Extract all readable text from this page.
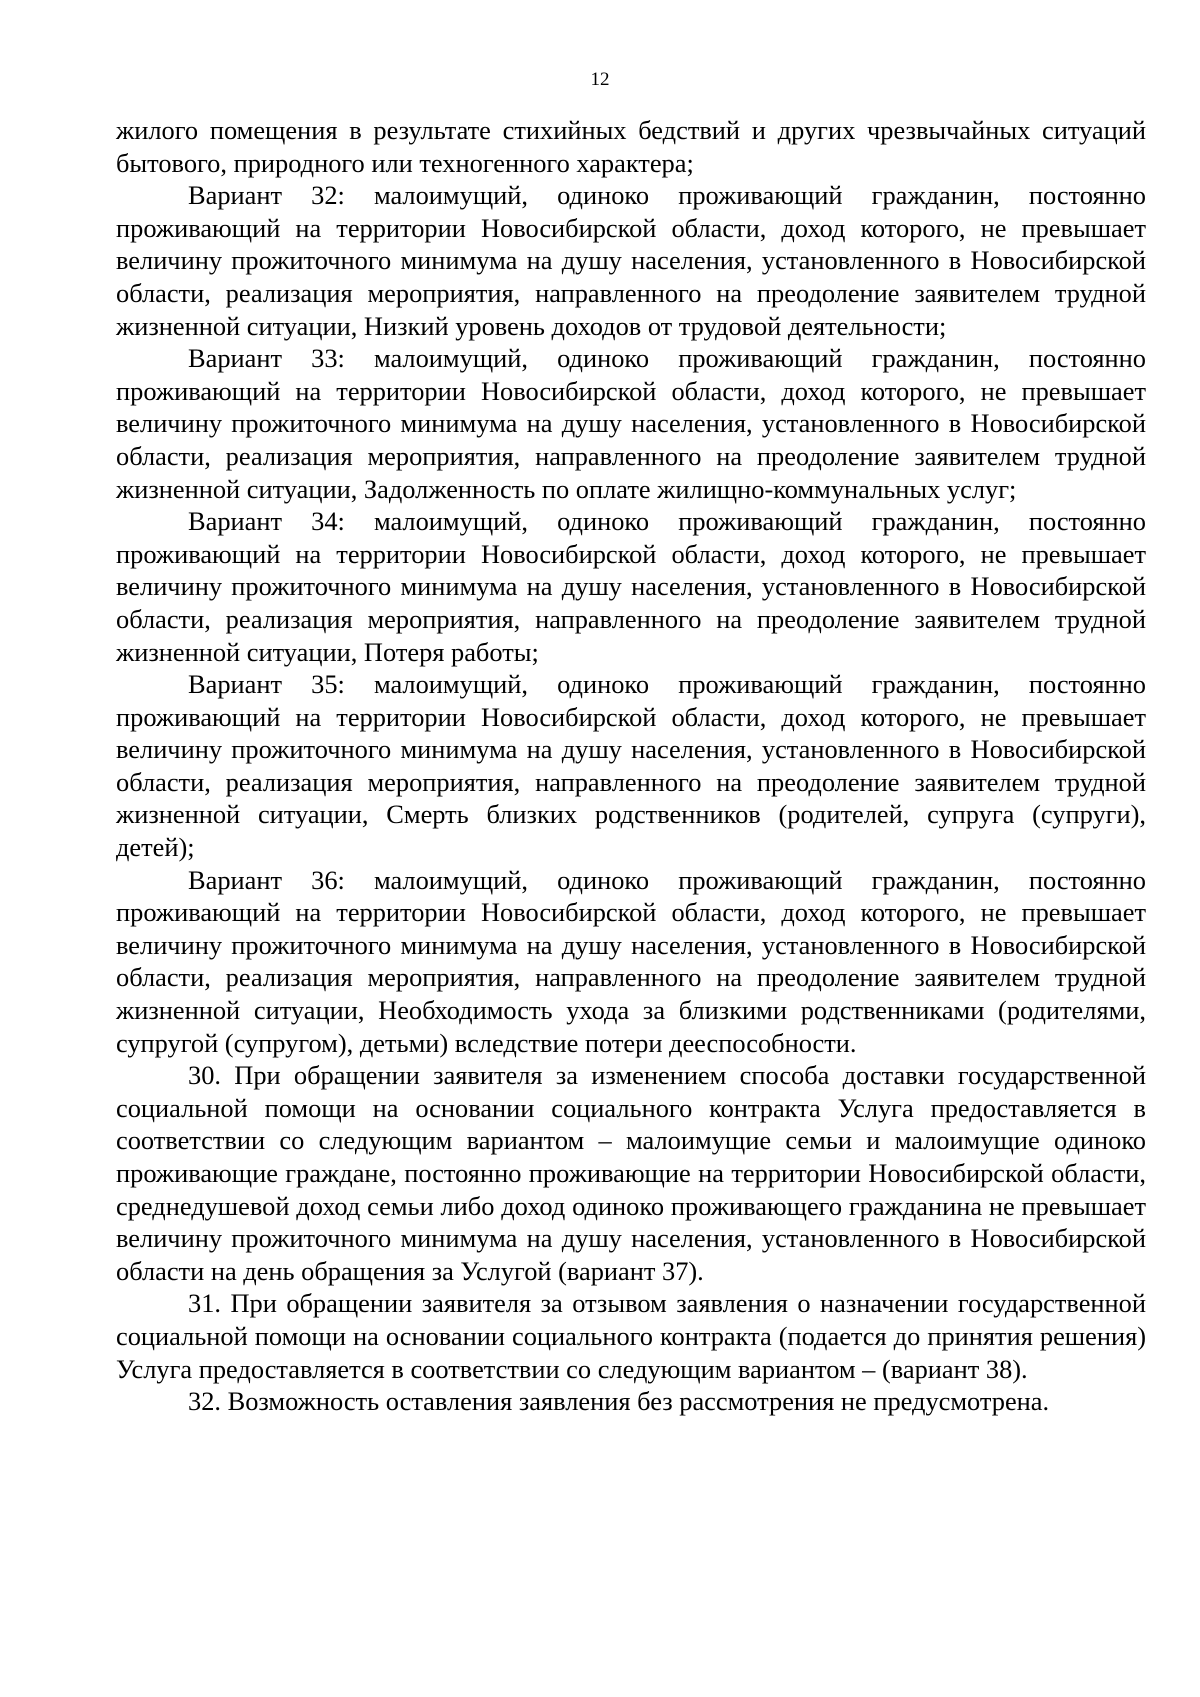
12

жилого помещения в результате стихийных бедствий и других чрезвычайных ситуаций бытового, природного или техногенного характера;

Вариант 32: малоимущий, одиноко проживающий гражданин, постоянно проживающий на территории Новосибирской области, доход которого, не превышает величину прожиточного минимума на душу населения, установленного в Новосибирской области, реализация мероприятия, направленного на преодоление заявителем трудной жизненной ситуации, Низкий уровень доходов от трудовой деятельности;

Вариант 33: малоимущий, одиноко проживающий гражданин, постоянно проживающий на территории Новосибирской области, доход которого, не превышает величину прожиточного минимума на душу населения, установленного в Новосибирской области, реализация мероприятия, направленного на преодоление заявителем трудной жизненной ситуации, Задолженность по оплате жилищно-коммунальных услуг;

Вариант 34: малоимущий, одиноко проживающий гражданин, постоянно проживающий на территории Новосибирской области, доход которого, не превышает величину прожиточного минимума на душу населения, установленного в Новосибирской области, реализация мероприятия, направленного на преодоление заявителем трудной жизненной ситуации, Потеря работы;

Вариант 35: малоимущий, одиноко проживающий гражданин, постоянно проживающий на территории Новосибирской области, доход которого, не превышает величину прожиточного минимума на душу населения, установленного в Новосибирской области, реализация мероприятия, направленного на преодоление заявителем трудной жизненной ситуации, Смерть близких родственников (родителей, супруга (супруги), детей);

Вариант 36: малоимущий, одиноко проживающий гражданин, постоянно проживающий на территории Новосибирской области, доход которого, не превышает величину прожиточного минимума на душу населения, установленного в Новосибирской области, реализация мероприятия, направленного на преодоление заявителем трудной жизненной ситуации, Необходимость ухода за близкими родственниками (родителями, супругой (супругом), детьми) вследствие потери дееспособности.

30. При обращении заявителя за изменением способа доставки государственной социальной помощи на основании социального контракта Услуга предоставляется в соответствии со следующим вариантом – малоимущие семьи и малоимущие одиноко проживающие граждане, постоянно проживающие на территории Новосибирской области, среднедушевой доход семьи либо доход одиноко проживающего гражданина не превышает величину прожиточного минимума на душу населения, установленного в Новосибирской области на день обращения за Услугой (вариант 37).

31. При обращении заявителя за отзывом заявления о назначении государственной социальной помощи на основании социального контракта (подается до принятия решения) Услуга предоставляется в соответствии со следующим вариантом – (вариант 38).

32. Возможность оставления заявления без рассмотрения не предусмотрена.
